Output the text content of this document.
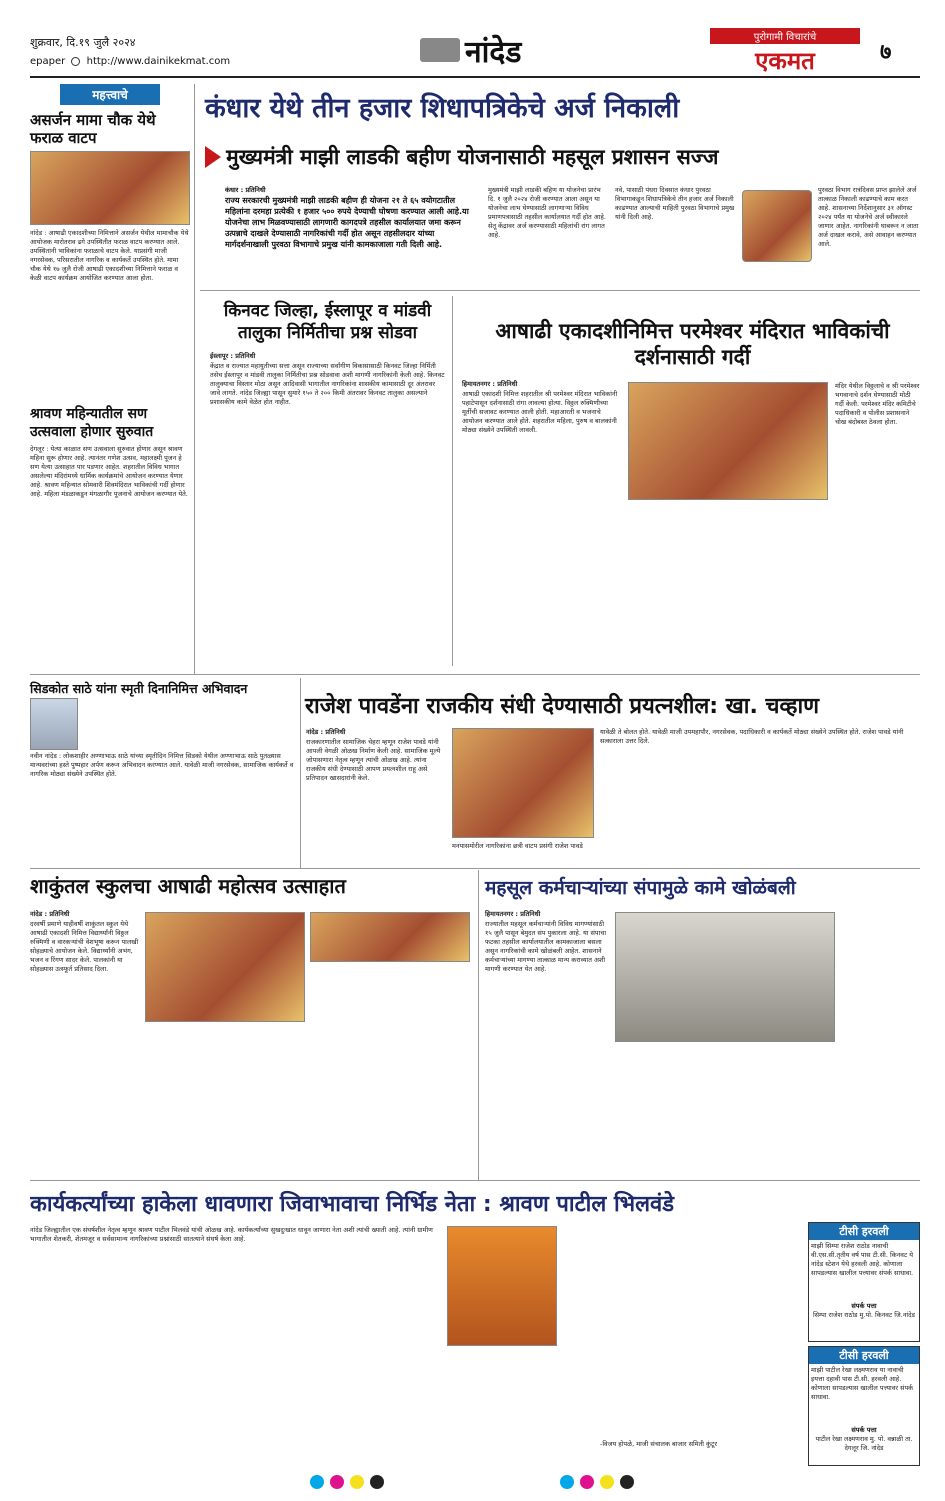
शुक्रवार, दि.१९ जुलै २०२४
epaper http://www.dainikekmat.com	नांदेड	पुरोगामी विचारांचे
एकमत	७
महत्त्वाचे
असर्जन मामा चौक येथे फराळ वाटप
नांदेड : आषाढी एकादशीच्या निमित्ताने असर्जन येथील मामाचौक येथे आयोजक मारोतराव ढगे उपस्थितीत फराळ वाटप करण्यात आले. उपस्थितांनी भाविकांना फराळाचे वाटप केले. याप्रसंगी माजी नगरसेवक, परिसरातील नागरिक व कार्यकर्ते उपस्थित होते. मामा चौक येथे १७ जुलै रोजी आषाढी एकादशीच्या निमित्ताने फराळ व केळी वाटप कार्यक्रम आयोजित करण्यात आला होता.
श्रावण महिन्यातील सण उत्सवाला होणार सुरुवात
देगलूर : येत्या काळात सण उत्सवाला सुरुवात होणार असून श्रावण महिना सुरू होणार आहे. त्यानंतर गणेश उत्सव, महालक्ष्मी पूजन हे सण येत्या उत्साहात पार पडणार आहेत. शहरातील विविध भागात असलेल्या मंदिरांमध्ये धार्मिक कार्यक्रमांचे आयोजन करण्यात येणार आहे. श्रावण महिन्यात सोमवारी शिवमंदिरात भाविकांची गर्दी होणार आहे. महिला मंडळाकडून मंगळागौर पूजनाचे आयोजन करण्यात येते.
कंधार येथे तीन हजार शिधापत्रिकेचे अर्ज निकाली
मुख्यमंत्री माझी लाडकी बहीण योजनासाठी महसूल प्रशासन सज्ज
कंधार : प्रतिनिधी
राज्य सरकारची मुख्यमंत्री माझी लाडकी बहीण ही योजना २१ ते ६५ वयोगटातील महिलांना दरमहा प्रत्येकी १ हजार ५०० रुपये देण्याची घोषणा करण्यात आली आहे.या योजनेचा लाभ मिळवण्यासाठी लागणारी कागदपत्रे तहसील कार्यालयात जमा करून उत्पन्नाचे दाखले देण्यासाठी नागरिकांची गर्दी होत असून तहसीलदार यांच्या मार्गदर्शनाखाली पुरवठा विभागाचे प्रमुख यांनी कामकाजाला गती दिली आहे.
मुख्यमंत्री माझी लाडकी बहिण या योजनेचा प्रारंभ दि. १ जुलै २०२४ रोजी करण्यात आला असून या योजनेचा लाभ घेण्यासाठी लागणाऱ्या विविध प्रमाणपत्रासाठी तहसील कार्यालयात गर्दी होत आहे. सेतू केंद्रावर अर्ज करण्यासाठी महिलांची रांग लागत आहे.
नवे, पासाठी पंधरा दिवसात कंधार पुरवठा विभागाकडून शिधापत्रिकेचे तीन हजार अर्ज निकाली काढण्यात आल्याची माहिती पुरवठा विभागाचे प्रमुख यांनी दिली आहे.
पुरवठा विभाग रात्रंदिवस प्राप्त झालेले अर्ज तात्काळ निकाली काढण्याचे काम करत आहे. शासनाच्या निर्देशानुसार ३१ ऑगस्ट २०२४ पर्यंत या योजनेचे अर्ज स्वीकारले जाणार आहेत. नागरिकांनी घाबरून न जाता अर्ज दाखल करावे, असे आवाहन करण्यात आले.
किनवट जिल्हा, ईस्लापूर व मांडवी तालुका निर्मितीचा प्रश्न सोडवा
ईस्लापूर : प्रतिनिधी
केंद्रात व राज्यात महायुतीच्या सत्ता असून राज्याच्या सर्वांगीण विकासासाठी किनवट जिल्हा निर्मिती तसेच ईस्लापूर व मांडवी तालुका निर्मितीचा प्रश्न सोडवावा अशी मागणी नागरिकांनी केली आहे. किनवट तालुक्याचा विस्तार मोठा असून आदिवासी भागातील नागरिकांना शासकीय कामासाठी दूर अंतरावर जावे लागते. नांदेड जिल्ह्या पासून सुमारे १५० ते २०० किमी अंतरावर किनवट तालुका असल्याने प्रशासकीय कामे वेळेत होत नाहीत.
आषाढी एकादशीनिमित्त परमेश्वर मंदिरात भाविकांची दर्शनासाठी गर्दी
हिमायतनगर : प्रतिनिधी
आषाढी एकादशी निमित्त शहरातील श्री परमेश्वर मंदिरात भाविकांनी पहाटेपासून दर्शनासाठी रांगा लावल्या होत्या. विठ्ठल रुक्मिणीच्या मूर्तीची सजावट करण्यात आली होती. महाआरती व भजनाचे आयोजन करण्यात आले होते. शहरातील महिला, पुरुष व बालकांनी मोठ्या संख्येने उपस्थिती लावली.
मंदिर येथील विठ्ठलाचे व श्री परमेश्वर भगवानाचे दर्शन घेण्यासाठी मोठी गर्दी केली. परमेश्वर मंदिर कमिटीचे पदाधिकारी व पोलीस प्रशासनाने चोख बंदोबस्त ठेवला होता.
सिडकोत साठे यांना स्मृती दिनानिमित्त अभिवादन
नवीन नांदेड : लोकशाहीर अण्णाभाऊ साठे यांच्या स्मृतीदिन निमित्त सिडको येथील अण्णाभाऊ साठे पुतळ्यास मान्यवरांच्या हस्ते पुष्पहार अर्पण करून अभिवादन करण्यात आले. यावेळी माजी नगरसेवक, सामाजिक कार्यकर्ते व नागरिक मोठ्या संख्येने उपस्थित होते.
राजेश पावडेंना राजकीय संधी देण्यासाठी प्रयत्नशील: खा. चव्हाण
नांदेड : प्रतिनिधी
राजकारणातील सामाजिक चेहरा म्हणून राजेश पावडे यांनी आपली वेगळी ओळख निर्माण केली आहे. सामाजिक मूल्ये जोपासणारा नेतृत्व म्हणून त्यांची ओळख आहे. त्यांना राजकीय संधी देण्यासाठी आपण प्रयत्नशील राहू असे प्रतिपादन खासदारांनी केले.
मनपासमोरील नागरिकांना छत्री वाटप प्रसंगी राजेश पावडे
यावेळी ते बोलत होते. यावेळी माजी उपमहापौर, नगरसेवक, पदाधिकारी व कार्यकर्ते मोठ्या संख्येने उपस्थित होते. राजेश पावडे यांनी सत्काराला उत्तर दिले.
शाकुंतल स्कुलचा आषाढी महोत्सव उत्साहात
नांदेड : प्रतिनिधी
दरवर्षी प्रमाणे याहीवर्षी शाकुंतल स्कुल येथे आषाढी एकादशी निमित्त विद्यार्थ्यांनी विठ्ठल रुक्मिणी व वारकऱ्यांची वेशभूषा करून पालखी सोहळ्याचे आयोजन केले. विद्यार्थ्यांनी अभंग, भजन व रिंगण सादर केले. पालकांनी या सोहळ्यास उत्स्फूर्त प्रतिसाद दिला.
महसूल कर्मचाऱ्यांच्या संपामुळे कामे खोळंबली
हिमायतनगर : प्रतिनिधी
राज्यातील महसूल कर्मचाऱ्यांनी विविध मागण्यांसाठी १५ जुलै पासून बेमुदत संप पुकारला आहे. या संपाचा फटका तहसील कार्यालयातील कामकाजाला बसला असून नागरिकांची कामे खोळंबली आहेत. शासनाने कर्मचाऱ्यांच्या मागण्या तात्काळ मान्य कराव्यात अशी मागणी करण्यात येत आहे.
कार्यकर्त्यांच्या हाकेला धावणारा जिवाभावाचा निर्भिड नेता : श्रावण पाटील भिलवंडे
नांदेड जिल्ह्यातील एक संघर्षशील नेतृत्व म्हणून श्रावण पाटील भिलवंडे यांची ओळख आहे. कार्यकर्त्यांच्या सुखदुःखात धावून जाणारा नेता अशी त्यांची ख्याती आहे. त्यांनी ग्रामीण भागातील शेतकरी, शेतमजूर व सर्वसामान्य नागरिकांच्या प्रश्नांसाठी सातत्याने संघर्ष केला आहे.
-विजय होपळे, माजी संचालक बाजार समिती कुंटूर
टीसी हरवली
माझी सिम्पा राजेश राठोड नावाची वी.एस.सी.तृतीय वर्ष पास टी.सी. किनवट ये नांदेड स्टेशन येथे हरवली आहे. कोणाला सापडल्यास खालील पत्त्यावर संपर्क साधावा.
संपर्क पत्ता
सिम्पा राजेश राठोड मु.पो. किनवट जि.नांदेड
टीसी हरवली
माझी पाटील रेखा लक्ष्मणराव या नावाची इयत्ता दहावी पास टी.सी. हरवली आहे. कोणाला सापडल्यास खालील पत्त्यावर संपर्क साधावा.
संपर्क पत्ता
पाटील रेखा लक्ष्मणराव मु. पो. वन्नाळी ता. देगलूर जि. नांदेड
